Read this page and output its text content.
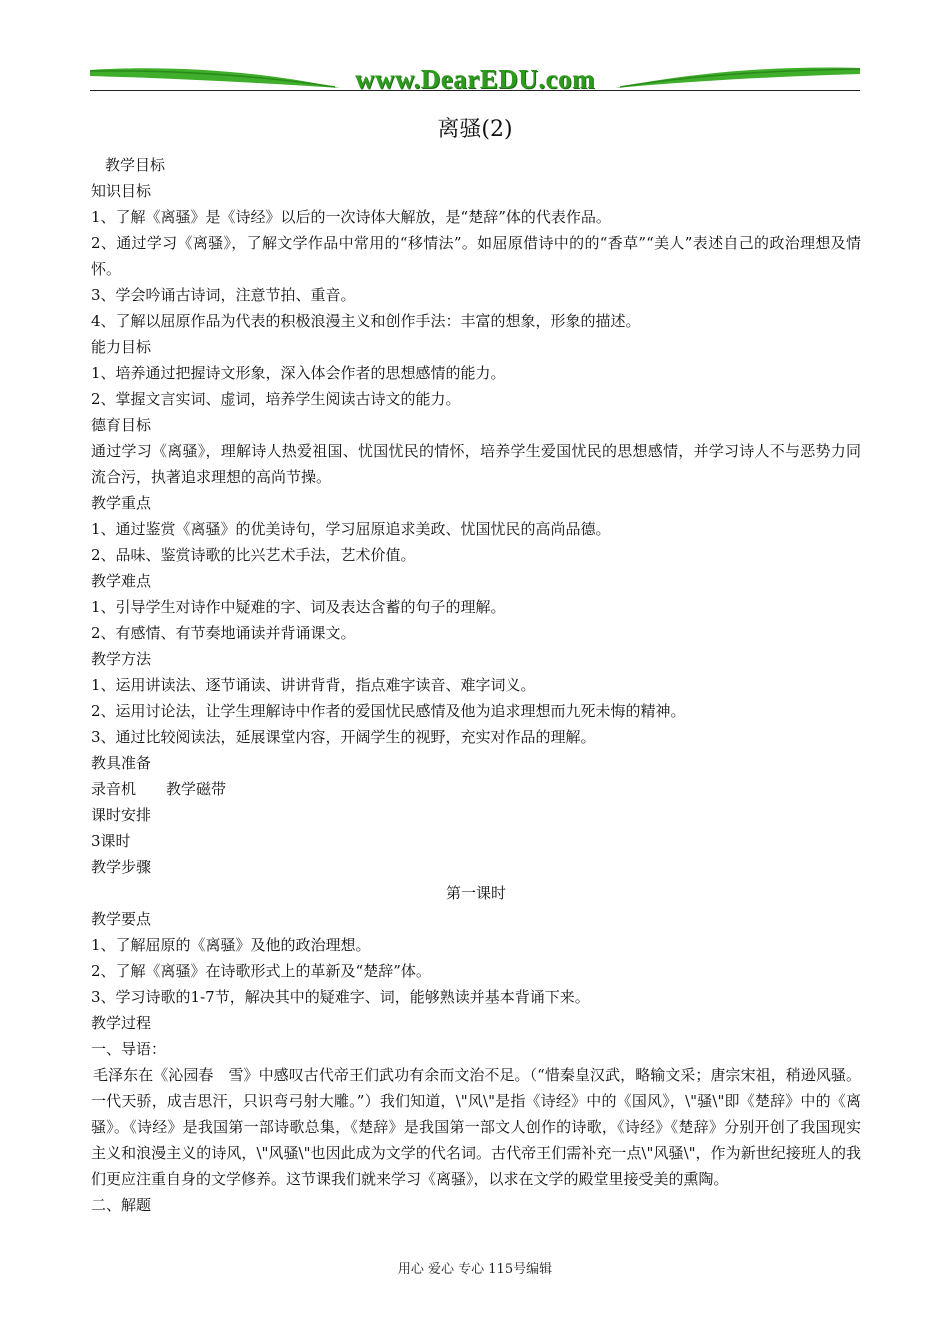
www.DearEDU.com
离骚(2)
教学目标
知识目标
1、了解《离骚》是《诗经》以后的一次诗体大解放，是“楚辞”体的代表作品。
2、通过学习《离骚》，了解文学作品中常用的“移情法”。如屈原借诗中的的“香草”“美人”表述自己的政治理想及情怀。
3、学会吟诵古诗词，注意节拍、重音。
4、了解以屈原作品为代表的积极浪漫主义和创作手法：丰富的想象，形象的描述。
能力目标
1、培养通过把握诗文形象，深入体会作者的思想感情的能力。
2、掌握文言实词、虚词，培养学生阅读古诗文的能力。
德育目标
通过学习《离骚》，理解诗人热爱祖国、忧国忧民的情怀，培养学生爱国忧民的思想感情，并学习诗人不与恶势力同流合污，执著追求理想的高尚节操。
教学重点
1、通过鉴赏《离骚》的优美诗句，学习屈原追求美政、忧国忧民的高尚品德。
2、品味、鉴赏诗歌的比兴艺术手法，艺术价值。
教学难点
1、引导学生对诗作中疑难的字、词及表达含蓄的句子的理解。
2、有感情、有节奏地诵读并背诵课文。
教学方法
1、运用讲读法、逐节诵读、讲讲背背，指点难字读音、难字词义。
2、运用讨论法，让学生理解诗中作者的爱国忧民感情及他为追求理想而九死未悔的精神。
3、通过比较阅读法，延展课堂内容，开阔学生的视野，充实对作品的理解。
教具准备
录音机　　教学磁带
课时安排
3课时
教学步骤
第一课时
教学要点
1、了解屈原的《离骚》及他的政治理想。
2、了解《离骚》在诗歌形式上的革新及“楚辞”体。
3、学习诗歌的1-7节，解决其中的疑难字、词，能够熟读并基本背诵下来。
教学过程
一、导语：
毛泽东在《沁园春　雪》中感叹古代帝王们武功有余而文治不足。（“惜秦皇汉武，略输文采；唐宗宋祖，稍逊风骚。一代天骄，成吉思汗，只识弯弓射大雕。”）我们知道，\"风\"是指《诗经》中的《国风》，\"骚\"即《楚辞》中的《离骚》。《诗经》是我国第一部诗歌总集，《楚辞》是我国第一部文人创作的诗歌，《诗经》《楚辞》分别开创了我国现实主义和浪漫主义的诗风，\"风骚\"也因此成为文学的代名词。古代帝王们需补充一点\"风骚\"，作为新世纪接班人的我们更应注重自身的文学修养。这节课我们就来学习《离骚》，以求在文学的殿堂里接受美的熏陶。
二、解题
用心 爱心 专心 115号编辑
